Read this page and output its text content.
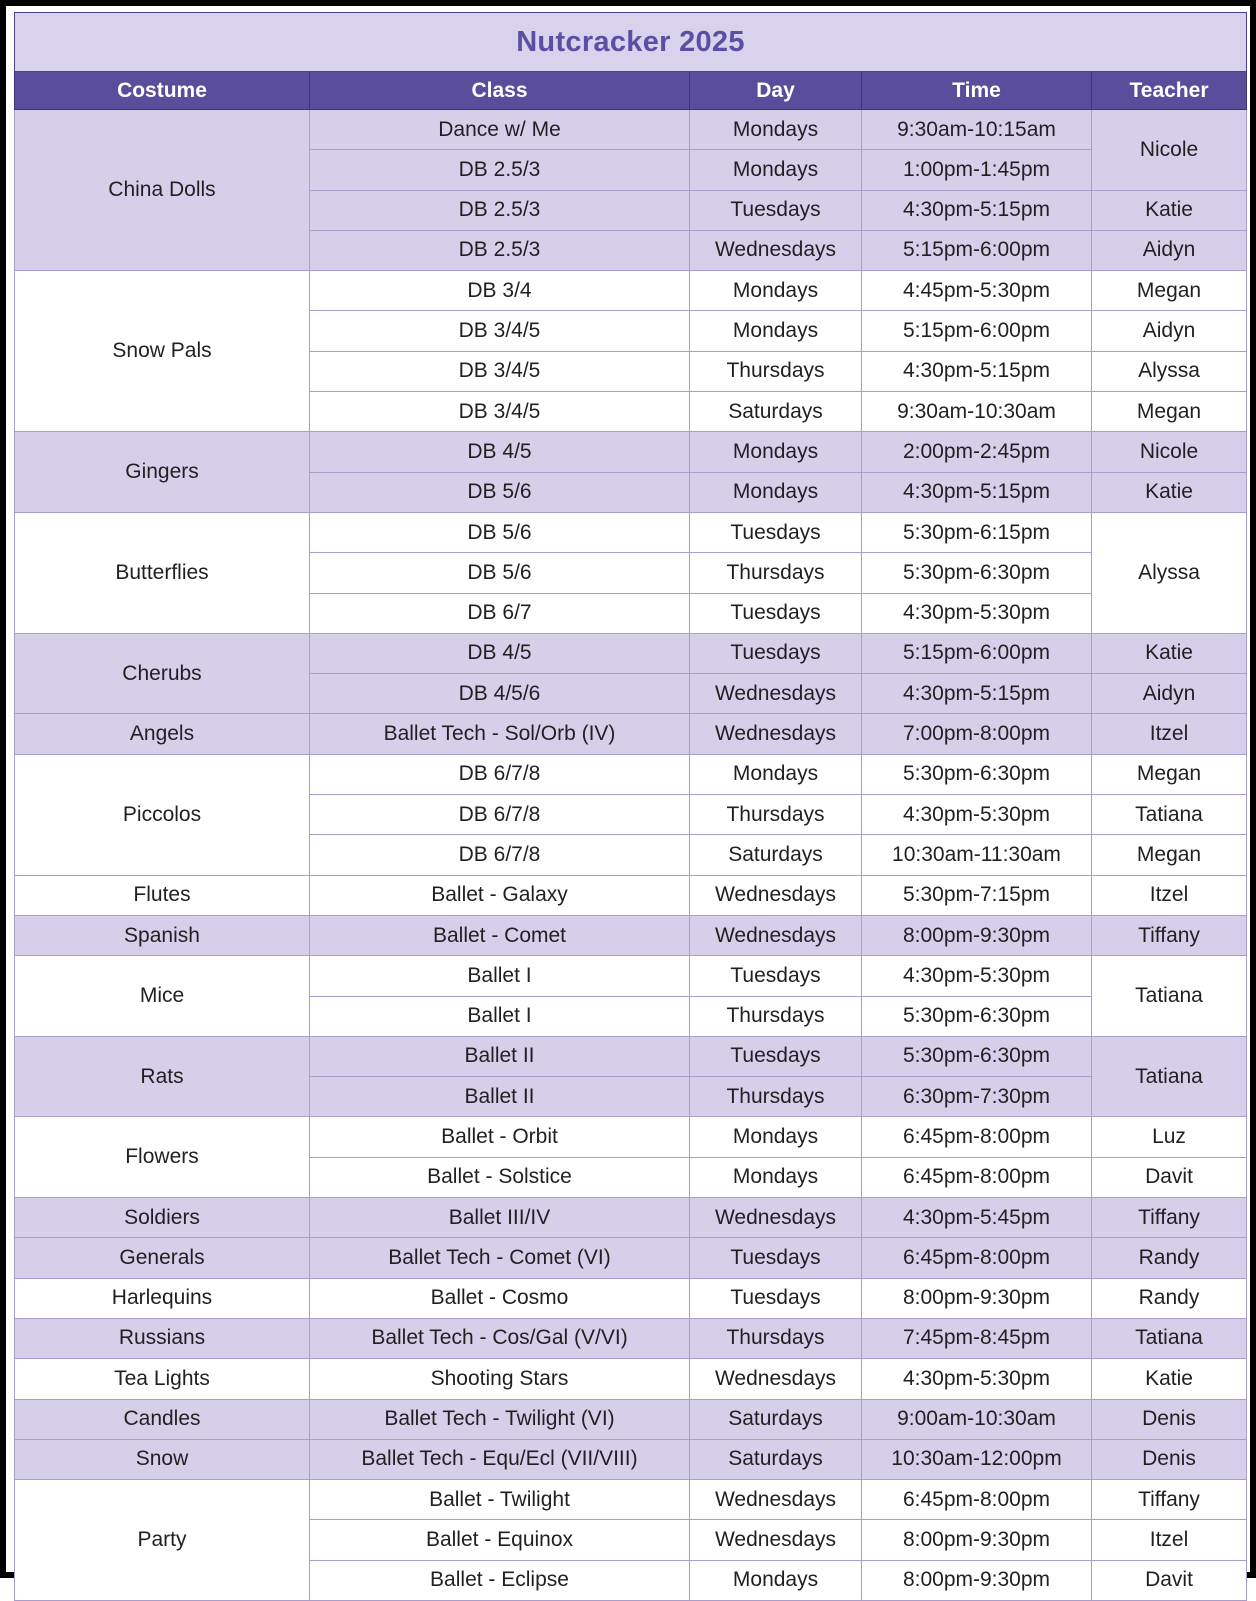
Nutcracker 2025				
Costume	Class	Day	Time	Teacher
China Dolls	Dance w/ Me	Mondays	9:30am-10:15am	Nicole
	DB 2.5/3	Mondays	1:00pm-1:45pm	
	DB 2.5/3	Tuesdays	4:30pm-5:15pm	Katie
	DB 2.5/3	Wednesdays	5:15pm-6:00pm	Aidyn
Snow Pals	DB 3/4	Mondays	4:45pm-5:30pm	Megan
	DB 3/4/5	Mondays	5:15pm-6:00pm	Aidyn
	DB 3/4/5	Thursdays	4:30pm-5:15pm	Alyssa
	DB 3/4/5	Saturdays	9:30am-10:30am	Megan
Gingers	DB 4/5	Mondays	2:00pm-2:45pm	Nicole
	DB 5/6	Mondays	4:30pm-5:15pm	Katie
Butterflies	DB 5/6	Tuesdays	5:30pm-6:15pm	Alyssa
	DB 5/6	Thursdays	5:30pm-6:30pm	
	DB 6/7	Tuesdays	4:30pm-5:30pm	
Cherubs	DB 4/5	Tuesdays	5:15pm-6:00pm	Katie
	DB 4/5/6	Wednesdays	4:30pm-5:15pm	Aidyn
Angels	Ballet Tech - Sol/Orb (IV)	Wednesdays	7:00pm-8:00pm	Itzel
Piccolos	DB 6/7/8	Mondays	5:30pm-6:30pm	Megan
	DB 6/7/8	Thursdays	4:30pm-5:30pm	Tatiana
	DB 6/7/8	Saturdays	10:30am-11:30am	Megan
Flutes	Ballet - Galaxy	Wednesdays	5:30pm-7:15pm	Itzel
Spanish	Ballet - Comet	Wednesdays	8:00pm-9:30pm	Tiffany
Mice	Ballet I	Tuesdays	4:30pm-5:30pm	Tatiana
	Ballet I	Thursdays	5:30pm-6:30pm	
Rats	Ballet II	Tuesdays	5:30pm-6:30pm	Tatiana
	Ballet II	Thursdays	6:30pm-7:30pm	
Flowers	Ballet - Orbit	Mondays	6:45pm-8:00pm	Luz
	Ballet - Solstice	Mondays	6:45pm-8:00pm	Davit
Soldiers	Ballet III/IV	Wednesdays	4:30pm-5:45pm	Tiffany
Generals	Ballet Tech - Comet (VI)	Tuesdays	6:45pm-8:00pm	Randy
Harlequins	Ballet - Cosmo	Tuesdays	8:00pm-9:30pm	Randy
Russians	Ballet Tech - Cos/Gal (V/VI)	Thursdays	7:45pm-8:45pm	Tatiana
Tea Lights	Shooting Stars	Wednesdays	4:30pm-5:30pm	Katie
Candles	Ballet Tech - Twilight (VI)	Saturdays	9:00am-10:30am	Denis
Snow	Ballet Tech - Equ/Ecl (VII/VIII)	Saturdays	10:30am-12:00pm	Denis
Party	Ballet - Twilight	Wednesdays	6:45pm-8:00pm	Tiffany
	Ballet - Equinox	Wednesdays	8:00pm-9:30pm	Itzel
	Ballet - Eclipse	Mondays	8:00pm-9:30pm	Davit
